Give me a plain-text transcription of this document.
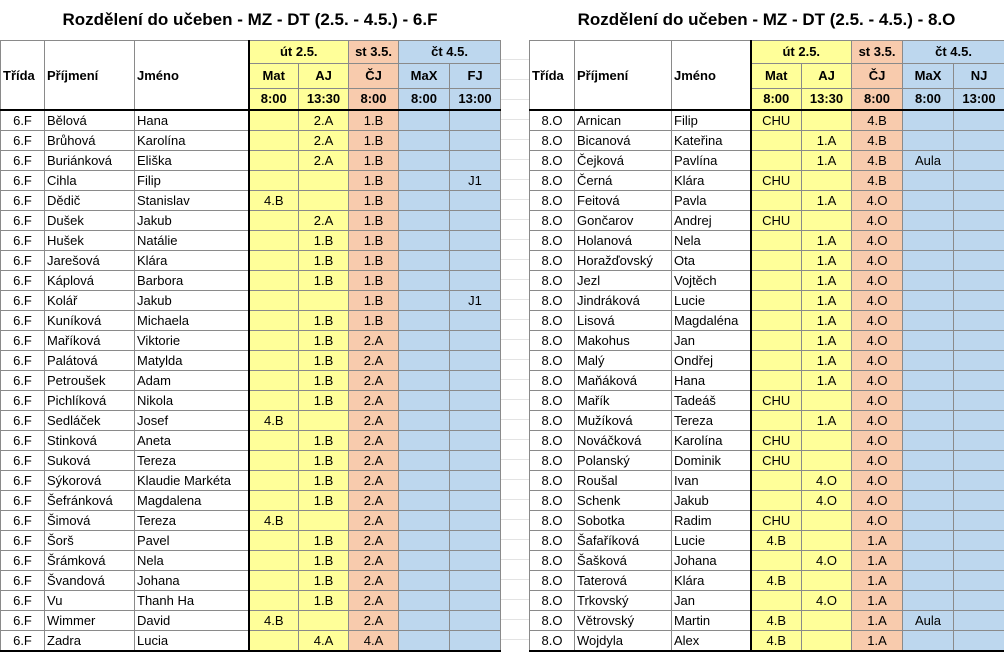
Rozdělení do učeben - MZ - DT (2.5. - 4.5.) - 6.F	Rozdělení do učeben - MZ - DT (2.5. - 4.5.) - 8.O
Třída	Příjmení	Jméno	út 2.5.		st 3.5.	čt 4.5.	
			Mat	AJ	ČJ	MaX	FJ
			8:00	13:30	8:00	8:00	13:00
6.F	Bělová	Hana		2.A	1.B		
6.F	Brůhová	Karolína		2.A	1.B		
6.F	Buriánková	Eliška		2.A	1.B		
6.F	Cihla	Filip			1.B		J1
6.F	Dědič	Stanislav	4.B		1.B		
6.F	Dušek	Jakub		2.A	1.B		
6.F	Hušek	Natálie		1.B	1.B		
6.F	Jarešová	Klára		1.B	1.B		
6.F	Káplová	Barbora		1.B	1.B		
6.F	Kolář	Jakub			1.B		J1
6.F	Kuníková	Michaela		1.B	1.B		
6.F	Maříková	Viktorie		1.B	2.A		
6.F	Palátová	Matylda		1.B	2.A		
6.F	Petroušek	Adam		1.B	2.A		
6.F	Pichlíková	Nikola		1.B	2.A		
6.F	Sedláček	Josef	4.B		2.A		
6.F	Stinková	Aneta		1.B	2.A		
6.F	Suková	Tereza		1.B	2.A		
6.F	Sýkorová	Klaudie Markéta		1.B	2.A		
6.F	Šefránková	Magdalena		1.B	2.A		
6.F	Šimová	Tereza	4.B		2.A		
6.F	Šorš	Pavel		1.B	2.A		
6.F	Šrámková	Nela		1.B	2.A		
6.F	Švandová	Johana		1.B	2.A		
6.F	Vu	Thanh Ha		1.B	2.A		
6.F	Wimmer	David	4.B		2.A		
6.F	Zadra	Lucia		4.A	4.A		
Třída	Příjmení	Jméno	út 2.5.		st 3.5.	čt 4.5.	
			Mat	AJ	ČJ	MaX	NJ
			8:00	13:30	8:00	8:00	13:00
8.O	Arnican	Filip	CHU		4.B		
8.O	Bicanová	Kateřina		1.A	4.B		
8.O	Čejková	Pavlína		1.A	4.B	Aula	
8.O	Černá	Klára	CHU		4.B		
8.O	Feitová	Pavla		1.A	4.O		
8.O	Gončarov	Andrej	CHU		4.O		
8.O	Holanová	Nela		1.A	4.O		
8.O	Horažďovský	Ota		1.A	4.O		
8.O	Jezl	Vojtěch		1.A	4.O		
8.O	Jindráková	Lucie		1.A	4.O		
8.O	Lisová	Magdaléna		1.A	4.O		
8.O	Makohus	Jan		1.A	4.O		
8.O	Malý	Ondřej		1.A	4.O		
8.O	Maňáková	Hana		1.A	4.O		
8.O	Mařík	Tadeáš	CHU		4.O		
8.O	Mužíková	Tereza		1.A	4.O		
8.O	Nováčková	Karolína	CHU		4.O		
8.O	Polanský	Dominik	CHU		4.O		
8.O	Roušal	Ivan		4.O	4.O		
8.O	Schenk	Jakub		4.O	4.O		
8.O	Sobotka	Radim	CHU		4.O		
8.O	Šafaříková	Lucie	4.B		1.A		
8.O	Šašková	Johana		4.O	1.A		
8.O	Taterová	Klára	4.B		1.A		
8.O	Trkovský	Jan		4.O	1.A		
8.O	Větrovský	Martin	4.B		1.A	Aula	
8.O	Wojdyla	Alex	4.B		1.A		
